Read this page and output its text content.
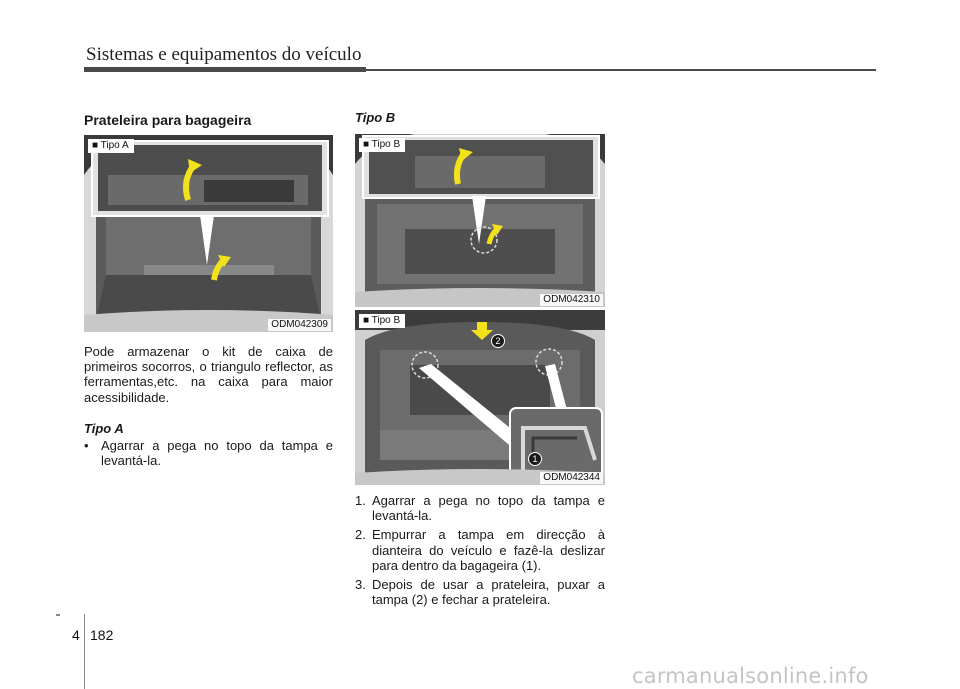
Sistemas e equipamentos do veículo
Prateleira para bagageira
■ Tipo A
ODM042309

Pode armazenar o kit de caixa de primeiros socorros, o triangulo reflector, as ferramentas,etc. na caixa para maior acessibilidade.

Tipo A
• Agarrar a pega no topo da tampa e levantá-la.
Tipo B
■ Tipo B
ODM042310
■ Tipo B
2
1
ODM042344
1. Agarrar a pega no topo da tampa e levantá-la.
2. Empurrar a tampa em direcção à dianteira do veículo e fazê-la deslizar para dentro da bagageira (1).
3. Depois de usar a prateleira, puxar a tampa (2) e fechar a prateleira.
4 182
carmanualsonline.info
